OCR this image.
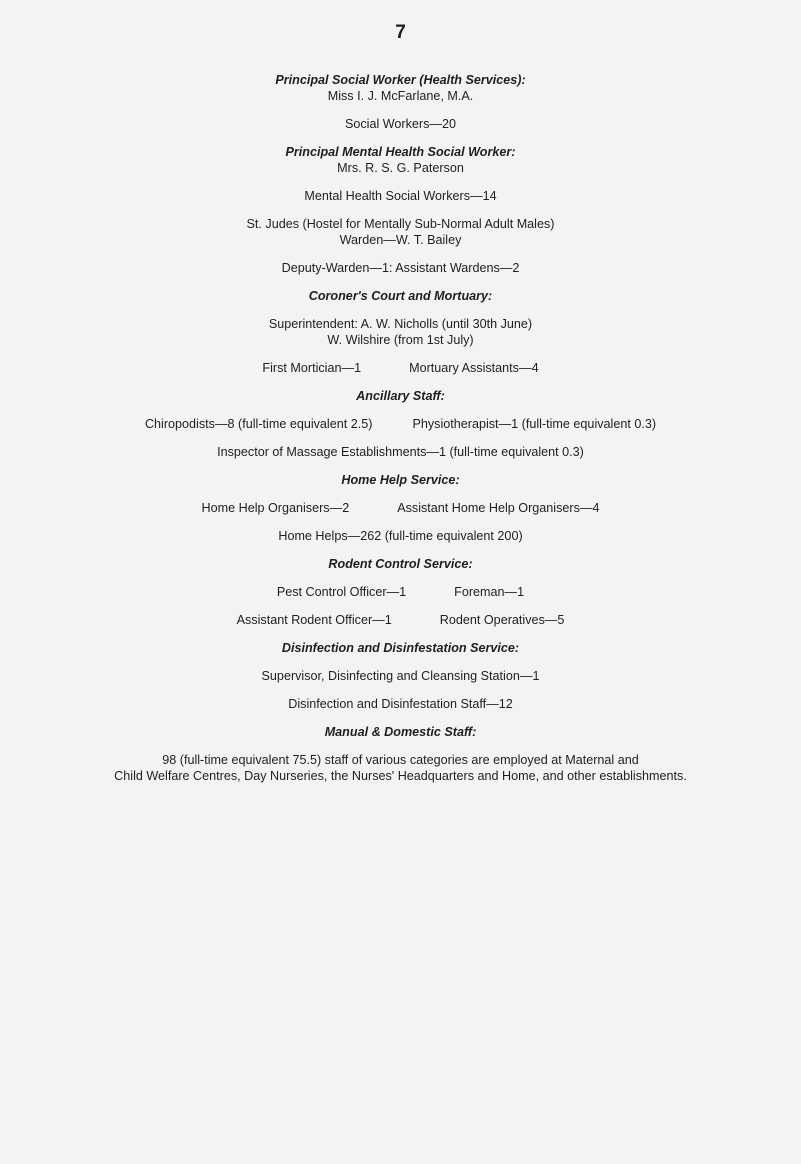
7
Principal Social Worker (Health Services):
Miss I. J. McFarlane, M.A.
Social Workers—20
Principal Mental Health Social Worker:
Mrs. R. S. G. Paterson
Mental Health Social Workers—14
St. Judes (Hostel for Mentally Sub-Normal Adult Males)
Warden—W. T. Bailey
Deputy-Warden—1: Assistant Wardens—2
Coroner's Court and Mortuary:
Superintendent: A. W. Nicholls (until 30th June)
W. Wilshire (from 1st July)
First Mortician—1	Mortuary Assistants—4
Ancillary Staff:
Chiropodists—8 (full-time equivalent 2.5)	Physiotherapist—1 (full-time equivalent 0.3)
Inspector of Massage Establishments—1 (full-time equivalent 0.3)
Home Help Service:
Home Help Organisers—2	Assistant Home Help Organisers—4
Home Helps—262 (full-time equivalent 200)
Rodent Control Service:
Pest Control Officer—1	Foreman—1
Assistant Rodent Officer—1	Rodent Operatives—5
Disinfection and Disinfestation Service:
Supervisor, Disinfecting and Cleansing Station—1
Disinfection and Disinfestation Staff—12
Manual & Domestic Staff:
98 (full-time equivalent 75.5) staff of various categories are employed at Maternal and
Child Welfare Centres, Day Nurseries, the Nurses' Headquarters and Home, and other establishments.
